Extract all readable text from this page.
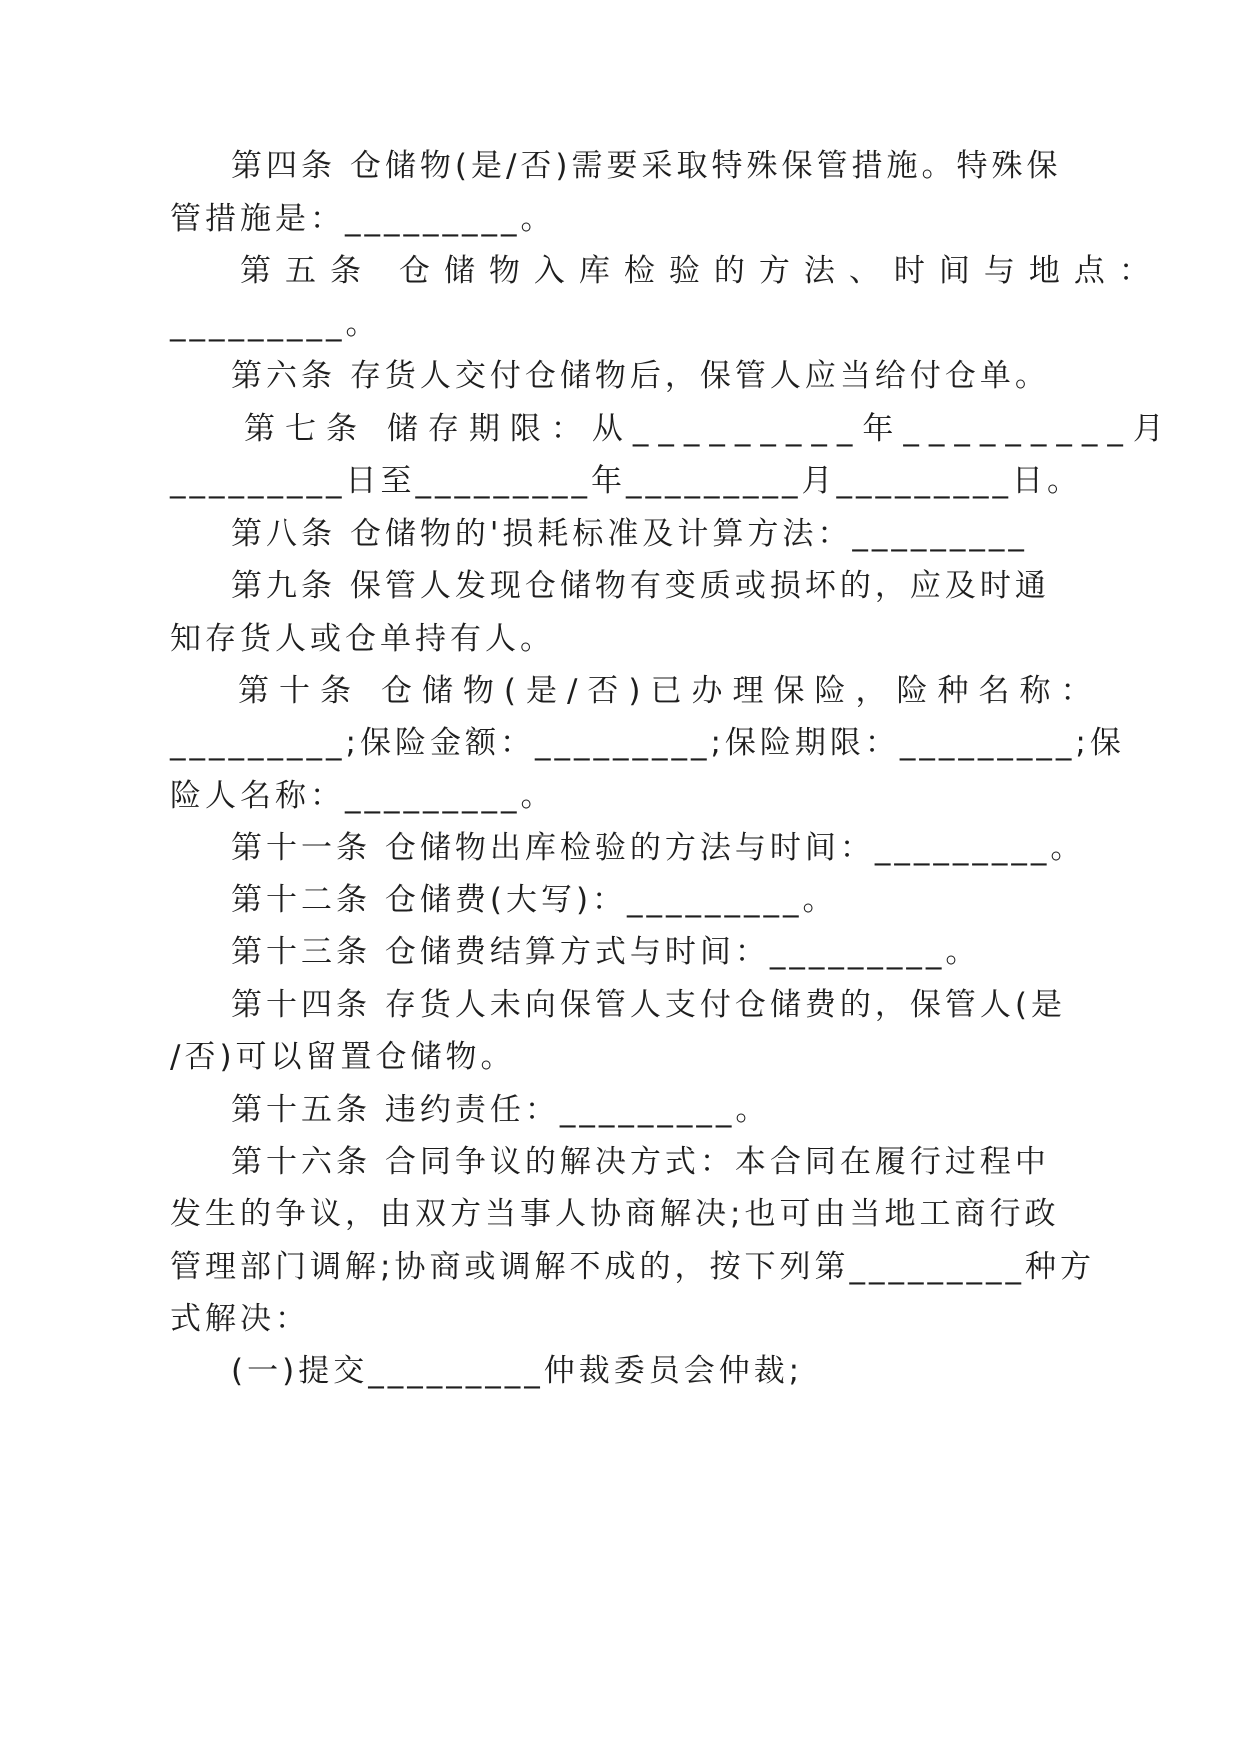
第四条 仓储物(是/否)需要采取特殊保管措施。特殊保
管措施是：_________。
第五条 仓储物入库检验的方法、时间与地点：
_________。
第六条 存货人交付仓储物后，保管人应当给付仓单。
第七条 储存期限：从_________年_________月
_________日至_________年_________月_________日。
第八条 仓储物的'损耗标准及计算方法：_________
第九条 保管人发现仓储物有变质或损坏的，应及时通
知存货人或仓单持有人。
第十条 仓储物(是/否)已办理保险，险种名称：
_________;保险金额：_________;保险期限：_________;保
险人名称：_________。
第十一条 仓储物出库检验的方法与时间：_________。
第十二条 仓储费(大写)：_________。
第十三条 仓储费结算方式与时间：_________。
第十四条 存货人未向保管人支付仓储费的，保管人(是
/否)可以留置仓储物。
第十五条 违约责任：_________。
第十六条 合同争议的解决方式：本合同在履行过程中
发生的争议，由双方当事人协商解决;也可由当地工商行政
管理部门调解;协商或调解不成的，按下列第_________种方
式解决：
(一)提交_________仲裁委员会仲裁;
